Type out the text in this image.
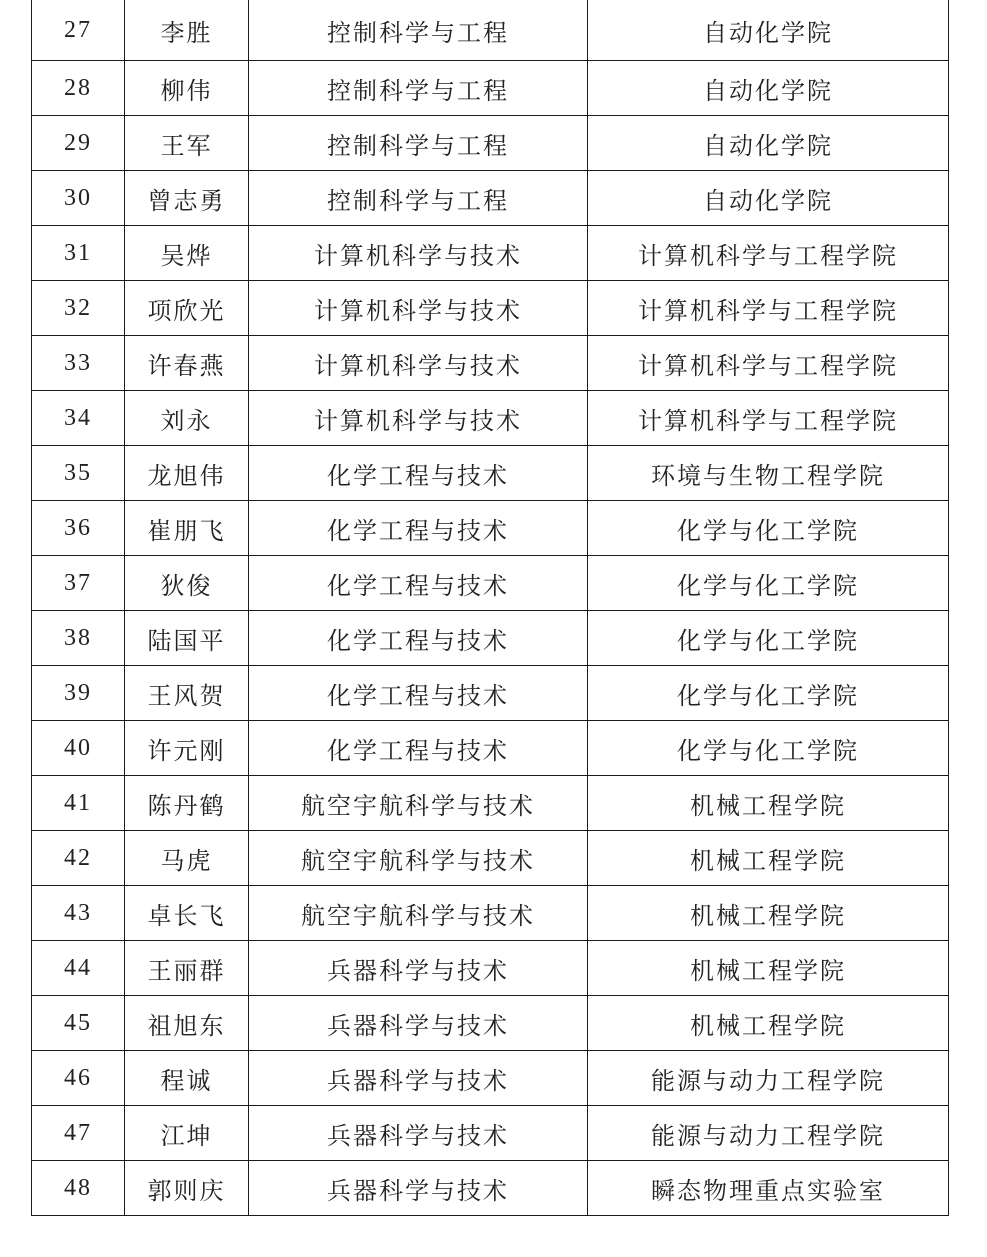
27	李胜	控制科学与工程	自动化学院
28	柳伟	控制科学与工程	自动化学院
29	王军	控制科学与工程	自动化学院
30	曾志勇	控制科学与工程	自动化学院
31	吴烨	计算机科学与技术	计算机科学与工程学院
32	项欣光	计算机科学与技术	计算机科学与工程学院
33	许春燕	计算机科学与技术	计算机科学与工程学院
34	刘永	计算机科学与技术	计算机科学与工程学院
35	龙旭伟	化学工程与技术	环境与生物工程学院
36	崔朋飞	化学工程与技术	化学与化工学院
37	狄俊	化学工程与技术	化学与化工学院
38	陆国平	化学工程与技术	化学与化工学院
39	王风贺	化学工程与技术	化学与化工学院
40	许元刚	化学工程与技术	化学与化工学院
41	陈丹鹤	航空宇航科学与技术	机械工程学院
42	马虎	航空宇航科学与技术	机械工程学院
43	卓长飞	航空宇航科学与技术	机械工程学院
44	王丽群	兵器科学与技术	机械工程学院
45	祖旭东	兵器科学与技术	机械工程学院
46	程诚	兵器科学与技术	能源与动力工程学院
47	江坤	兵器科学与技术	能源与动力工程学院
48	郭则庆	兵器科学与技术	瞬态物理重点实验室
